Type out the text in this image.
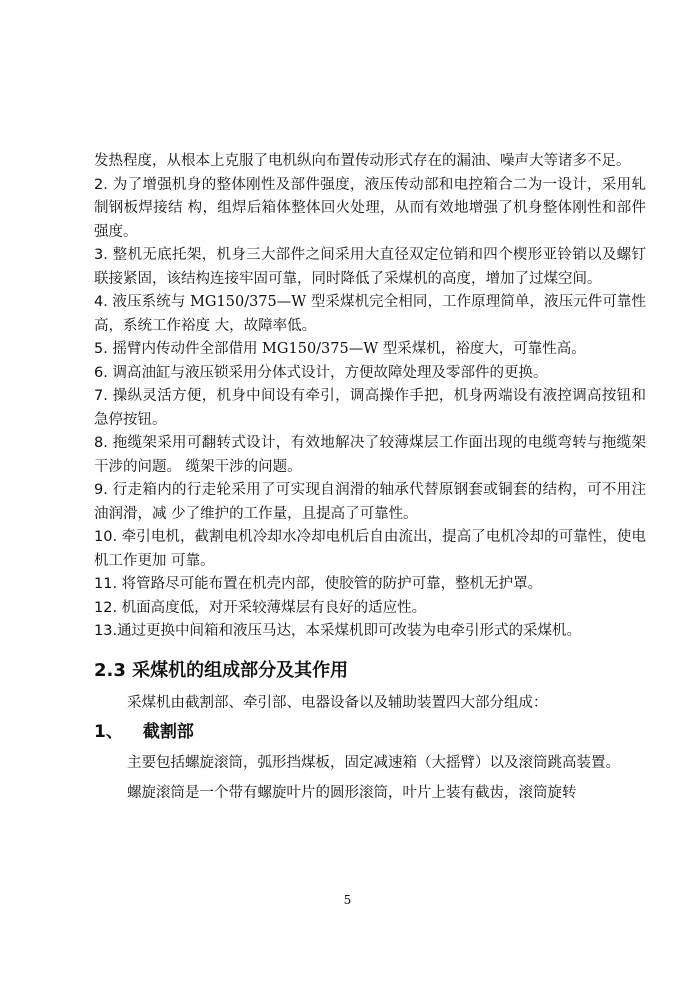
发热程度，从根本上克服了电机纵向布置传动形式存在的漏油、噪声大等诸多不足。

2. 为了增强机身的整体刚性及部件强度，液压传动部和电控箱合二为一设计，采用轧制钢板焊接结 构，组焊后箱体整体回火处理，从而有效地增强了机身整体刚性和部件强度。

3. 整机无底托架，机身三大部件之间采用大直径双定位销和四个楔形亚铃销以及螺钉联接紧固，该结构连接牢固可靠，同时降低了采煤机的高度，增加了过煤空间。

4. 液压系统与 MG150/375—W 型采煤机完全相同，工作原理简单，液压元件可靠性高，系统工作裕度 大，故障率低。

5. 摇臂内传动件全部借用 MG150/375—W 型采煤机，裕度大，可靠性高。

6. 调高油缸与液压锁采用分体式设计，方便故障处理及零部件的更换。

7. 操纵灵活方便，机身中间设有牵引，调高操作手把，机身两端设有液控调高按钮和急停按钮。

8. 拖缆架采用可翻转式设计，有效地解决了较薄煤层工作面出现的电缆弯转与拖缆架干涉的问题。 缆架干涉的问题。

9. 行走箱内的行走轮采用了可实现自润滑的轴承代替原钢套或铜套的结构，可不用注油润滑，减 少了维护的工作量，且提高了可靠性。

10. 牵引电机，截割电机冷却水冷却电机后自由流出，提高了电机冷却的可靠性，使电机工作更加 可靠。

11. 将管路尽可能布置在机壳内部，使胶管的防护可靠，整机无护罩。

12. 机面高度低，对开采较薄煤层有良好的适应性。

13.通过更换中间箱和液压马达，本采煤机即可改装为电牵引形式的采煤机。

2.3 采煤机的组成部分及其作用

采煤机由截割部、牵引部、电器设备以及辅助装置四大部分组成：

1、 截割部

主要包括螺旋滚筒，弧形挡煤板，固定减速箱（大摇臂）以及滚筒跳高装置。

螺旋滚筒是一个带有螺旋叶片的圆形滚筒，叶片上装有截齿，滚筒旋转

5
